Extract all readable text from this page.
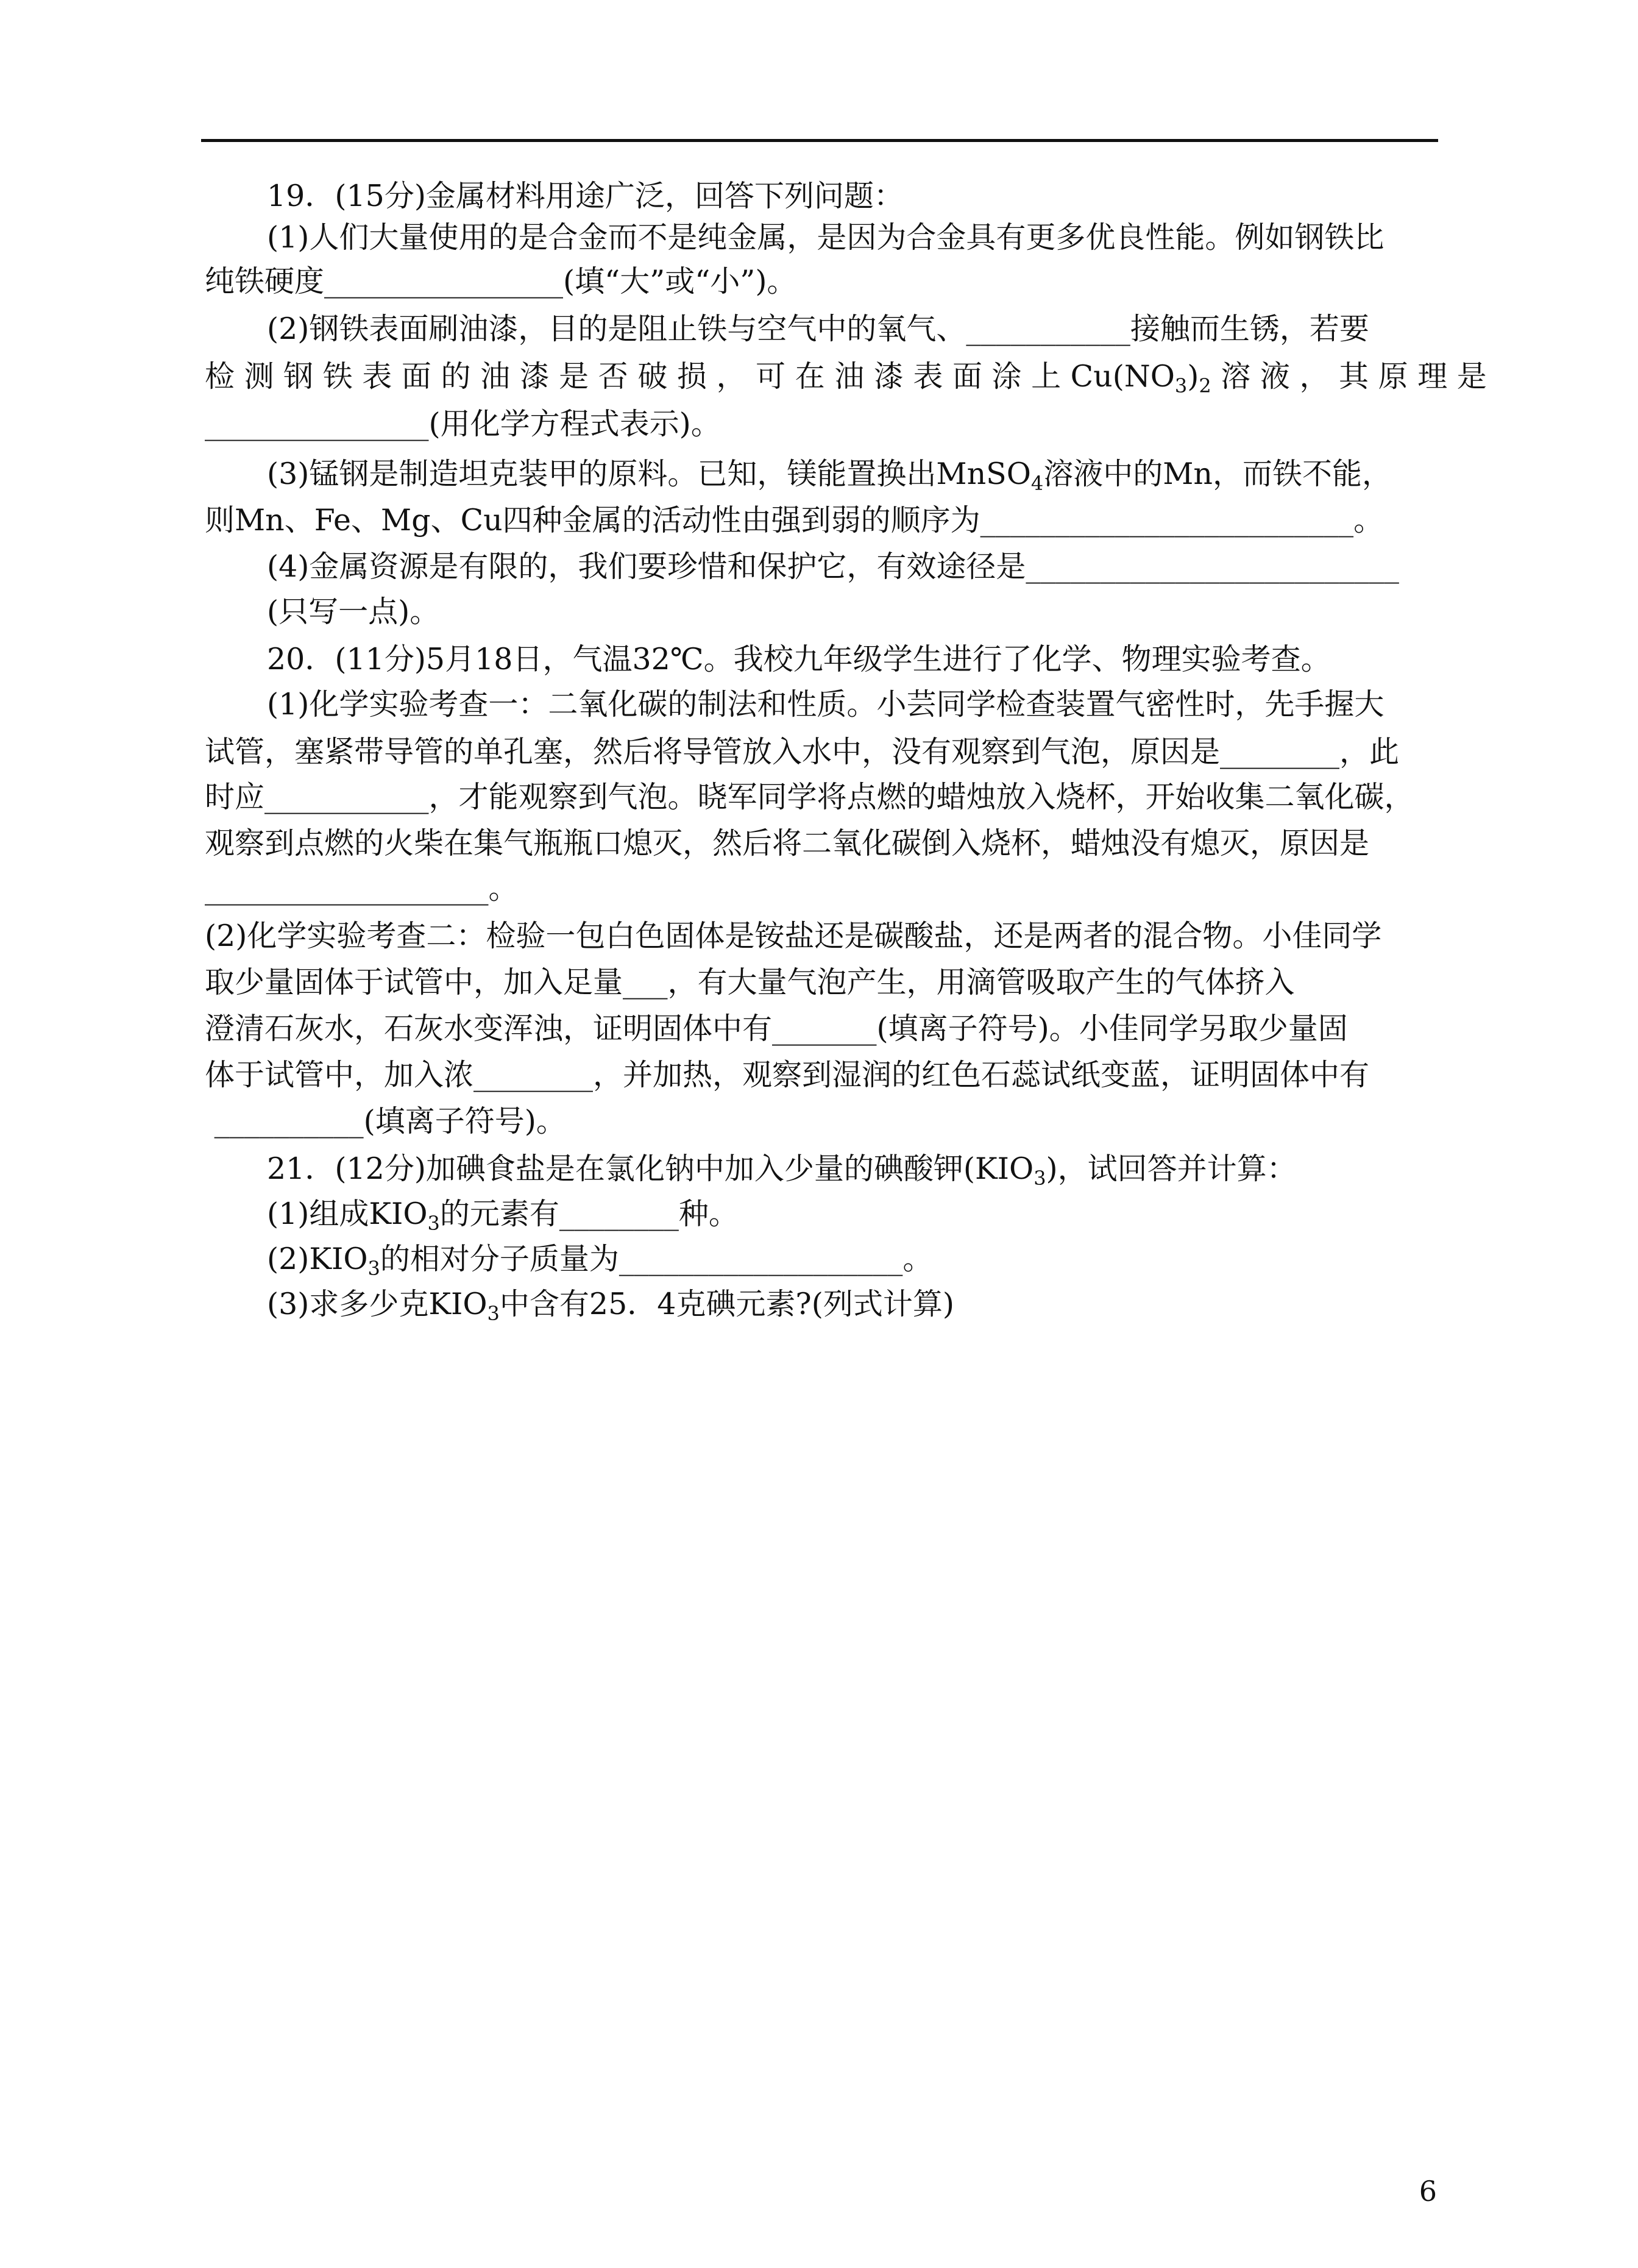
19．(15分)金属材料用途广泛，回答下列问题：
(1)人们大量使用的是合金而不是纯金属，是因为合金具有更多优良性能。例如钢铁比
纯铁硬度________________(填“大”或“小”)。
(2)钢铁表面刷油漆，目的是阻止铁与空气中的氧气、___________接触而生锈，若要
检 测 钢 铁 表 面 的 油 漆 是 否 破 损 ， 可 在 油 漆 表 面 涂 上 $Cu(NO_3)_2$ 溶 液 ， 其 原 理 是
_______________(用化学方程式表示)。
(3)锰钢是制造坦克装甲的原料。已知，镁能置换出MnSO$_4$溶液中的Mn，而铁不能，
则Mn、Fe、Mg、Cu四种金属的活动性由强到弱的顺序为_________________________。
(4)金属资源是有限的，我们要珍惜和保护它，有效途径是_________________________
(只写一点)。
20．(11分)5月18日，气温32℃。我校九年级学生进行了化学、物理实验考查。
(1)化学实验考查一：二氧化碳的制法和性质。小芸同学检查装置气密性时，先手握大
试管，塞紧带导管的单孔塞，然后将导管放入水中，没有观察到气泡，原因是________，此
时应___________，才能观察到气泡。晓军同学将点燃的蜡烛放入烧杯，开始收集二氧化碳，
观察到点燃的火柴在集气瓶瓶口熄灭，然后将二氧化碳倒入烧杯，蜡烛没有熄灭，原因是
___________________。
(2)化学实验考查二：检验一包白色固体是铵盐还是碳酸盐，还是两者的混合物。小佳同学
取少量固体于试管中，加入足量___，有大量气泡产生，用滴管吸取产生的气体挤入
澄清石灰水，石灰水变浑浊，证明固体中有_______(填离子符号)。小佳同学另取少量固
体于试管中，加入浓________，并加热，观察到湿润的红色石蕊试纸变蓝，证明固体中有
__________(填离子符号)。
21．(12分)加碘食盐是在氯化钠中加入少量的碘酸钾$(KIO_3)$，试回答并计算：
(1)组成$KIO_3$的元素有________种。
$(2)KIO_3$的相对分子质量为___________________。
(3)求多少克$KIO_3$中含有25．4克碘元素?(列式计算)
6
